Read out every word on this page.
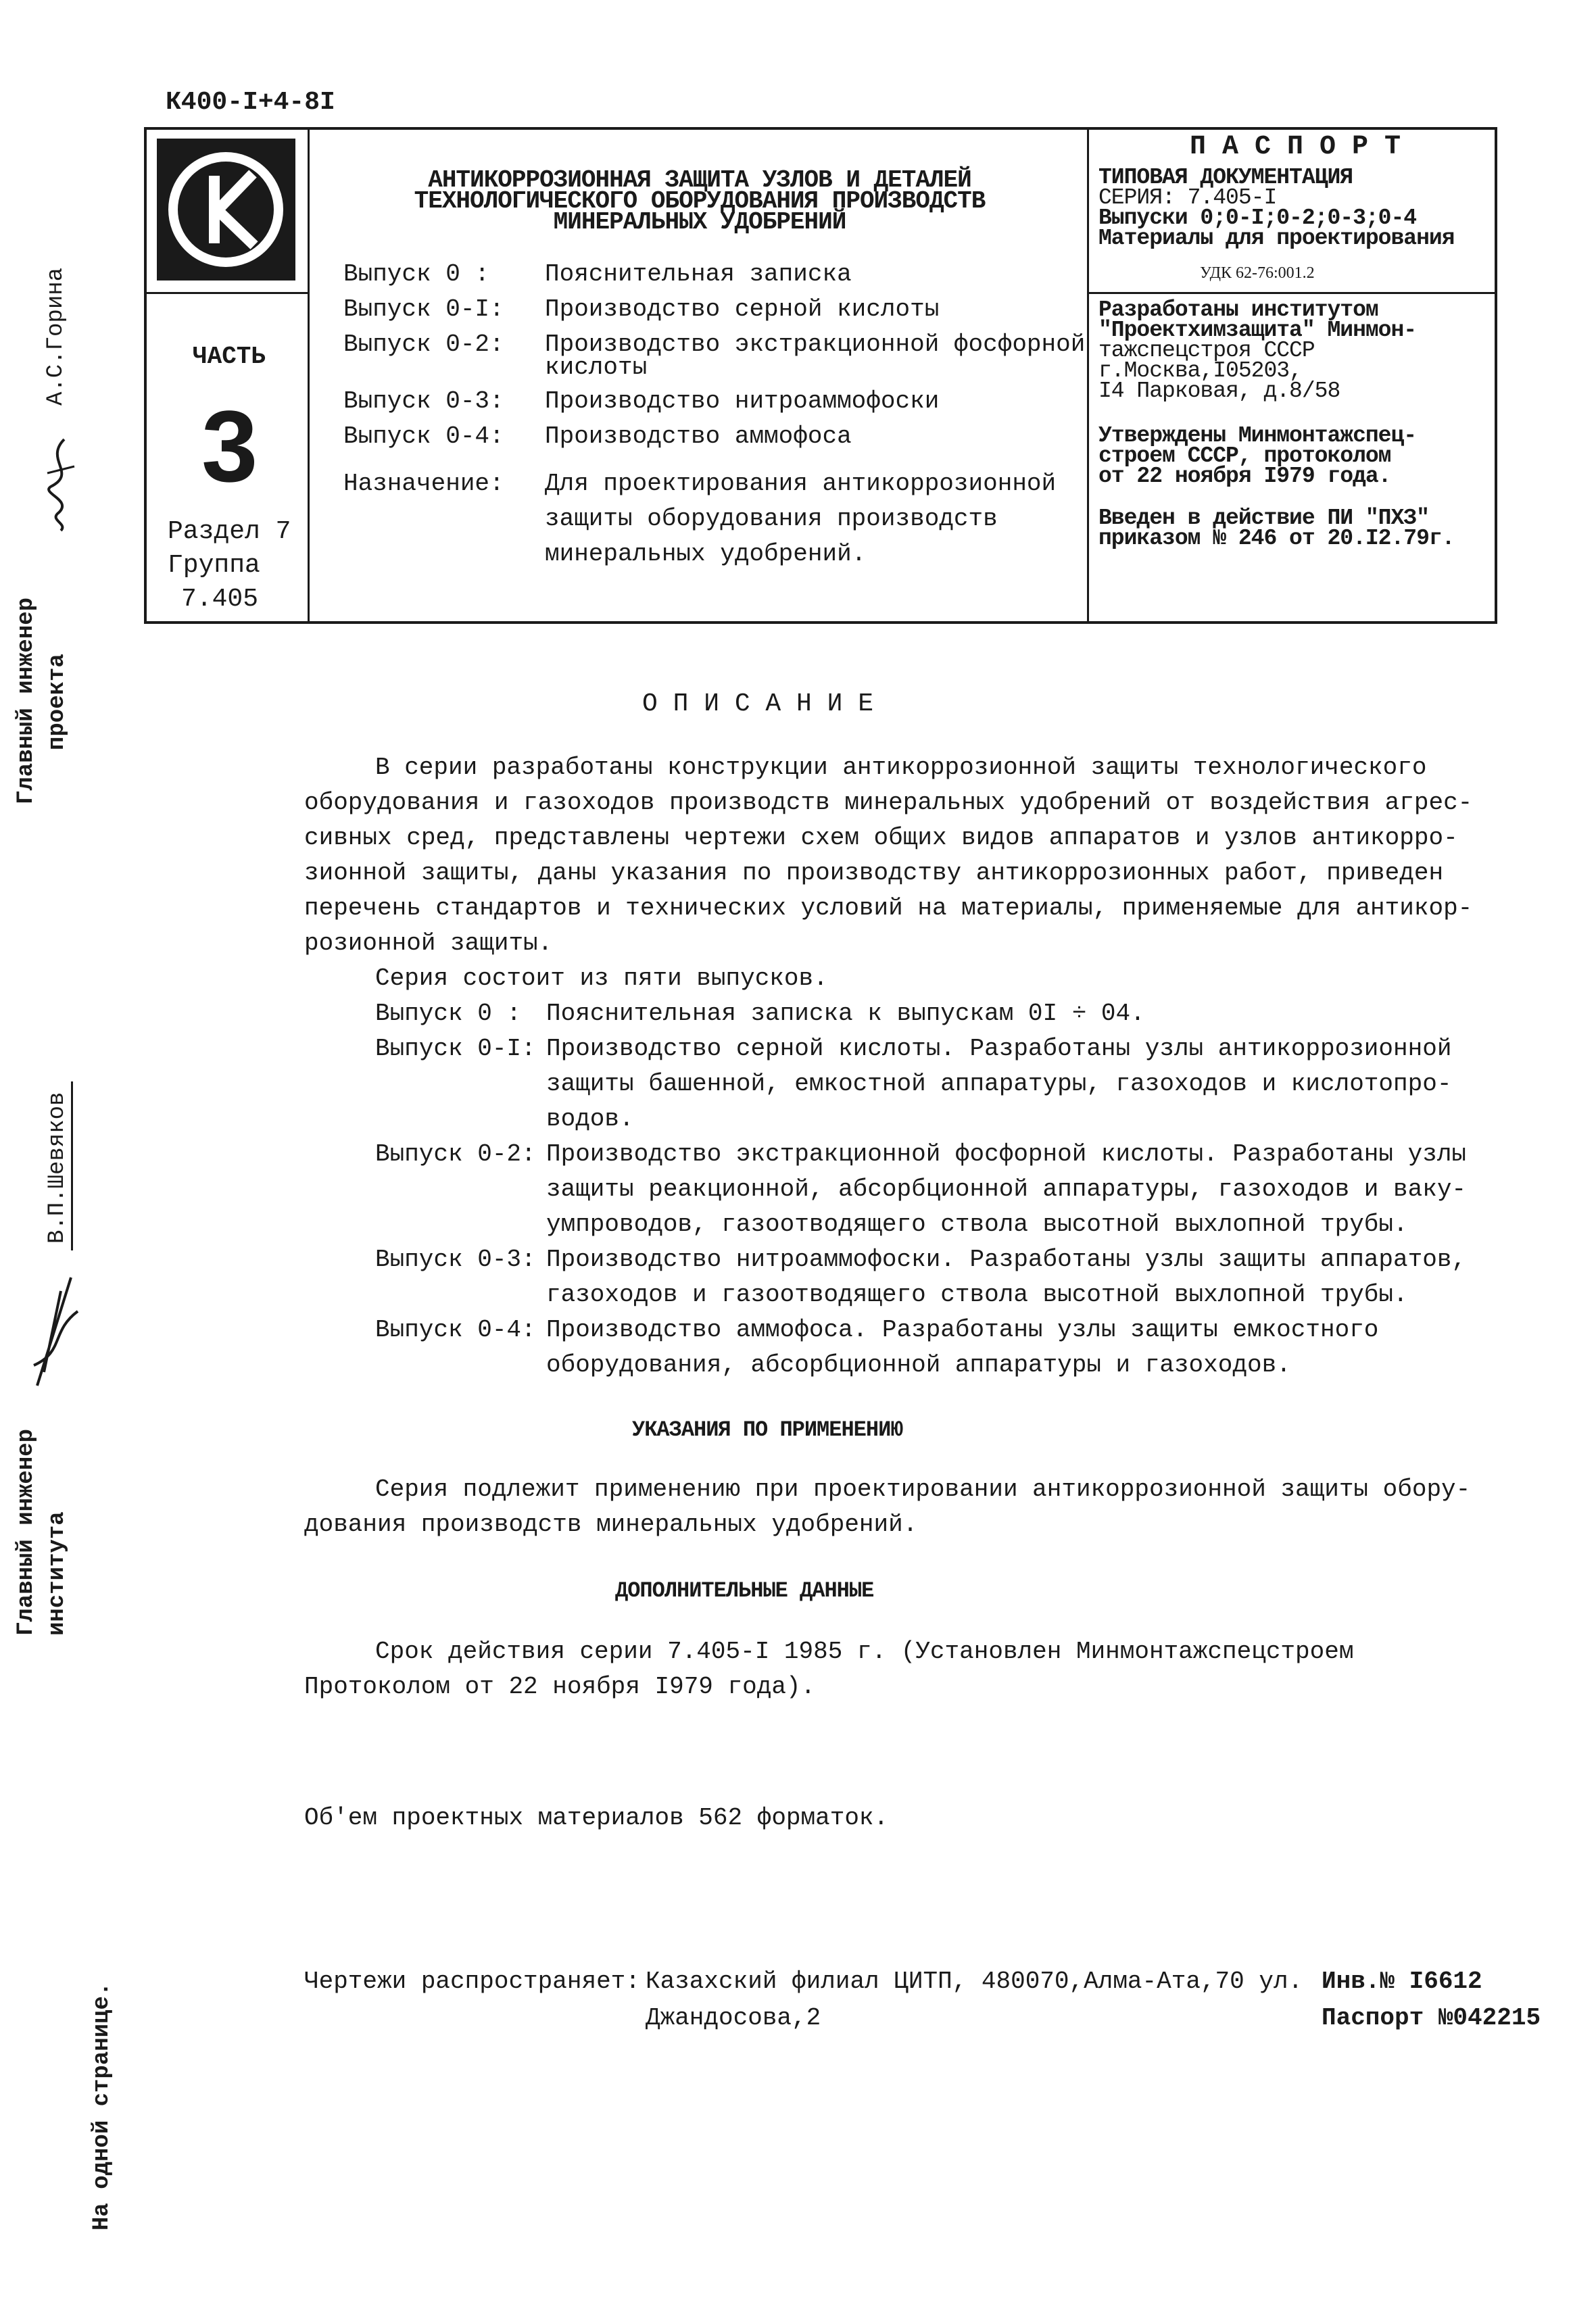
К400-I+4-8I
ЧАСТЬ
3
Раздел 7
Группа
7.405
АНТИКОРРОЗИОННАЯ ЗАЩИТА УЗЛОВ И ДЕТАЛЕЙ
ТЕХНОЛОГИЧЕСКОГО ОБОРУДОВАНИЯ ПРОИЗВОДСТВ
МИНЕРАЛЬНЫХ УДОБРЕНИЙ
Выпуск 0 : Пояснительная записка
Выпуск 0-I: Производство серной кислоты
Выпуск 0-2: Производство экстракционной фосфорной
кислоты
Выпуск 0-3: Производство нитроаммофоски
Выпуск 0-4: Производство аммофоса
Назначение: Для проектирования антикоррозионной
защиты оборудования производств
минеральных удобрений.
П А С П О Р Т
ТИПОВАЯ ДОКУМЕНТАЦИЯ
СЕРИЯ: 7.405-I
Выпуски 0;0-I;0-2;0-3;0-4
Материалы для проектирования
УДК 62-76:001.2
Разработаны институтом
"Проектхимзащита" Минмон-
тажспецстроя СССР
г.Москва,I05203,
I4 Парковая, д.8/58
Утверждены Минмонтажспец-
строем СССР, протоколом
от 22 ноября I979 года.
Введен в действие ПИ "ПХЗ"
приказом № 246 от 20.I2.79г.
Главный инженер проекта
А.С.Горина
В.П.Шевяков
Главный инженер института
На одной странице.
О П И С А Н И Е
В серии разработаны конструкции антикоррозионной защиты технологического
оборудования и газоходов производств минеральных удобрений от воздействия агрес-
сивных сред, представлены чертежи схем общих видов аппаратов и узлов антикорро-
зионной защиты, даны указания по производству антикоррозионных работ, приведен
перечень стандартов и технических условий на материалы, применяемые для антикор-
розионной защиты.
Серия состоит из пяти выпусков.
Выпуск 0 : Пояснительная записка к выпускам 0I ÷ 04.
Выпуск 0-I: Производство серной кислоты. Разработаны узлы антикоррозионной
защиты башенной, емкостной аппаратуры, газоходов и кислотопро-
водов.
Выпуск 0-2: Производство экстракционной фосфорной кислоты. Разработаны узлы
защиты реакционной, абсорбционной аппаратуры, газоходов и ваку-
умпроводов, газоотводящего ствола высотной выхлопной трубы.
Выпуск 0-3: Производство нитроаммофоски. Разработаны узлы защиты аппаратов,
газоходов и газоотводящего ствола высотной выхлопной трубы.
Выпуск 0-4: Производство аммофоса. Разработаны узлы защиты емкостного
оборудования, абсорбционной аппаратуры и газоходов.
УКАЗАНИЯ ПО ПРИМЕНЕНИЮ
Серия подлежит применению при проектировании антикоррозионной защиты обору-
дования производств минеральных удобрений.
ДОПОЛНИТЕЛЬНЫЕ ДАННЫЕ
Срок действия серии 7.405-I 1985 г. (Установлен Минмонтажспецстроем
Протоколом от 22 ноября I979 года).
Об'ем проектных материалов 562 форматок.
Чертежи распространяет: Казахский филиал ЦИТП, 480070,Алма-Ата,70 ул.
Джандосова,2
Инв.№ I6612
Паспорт №042215
